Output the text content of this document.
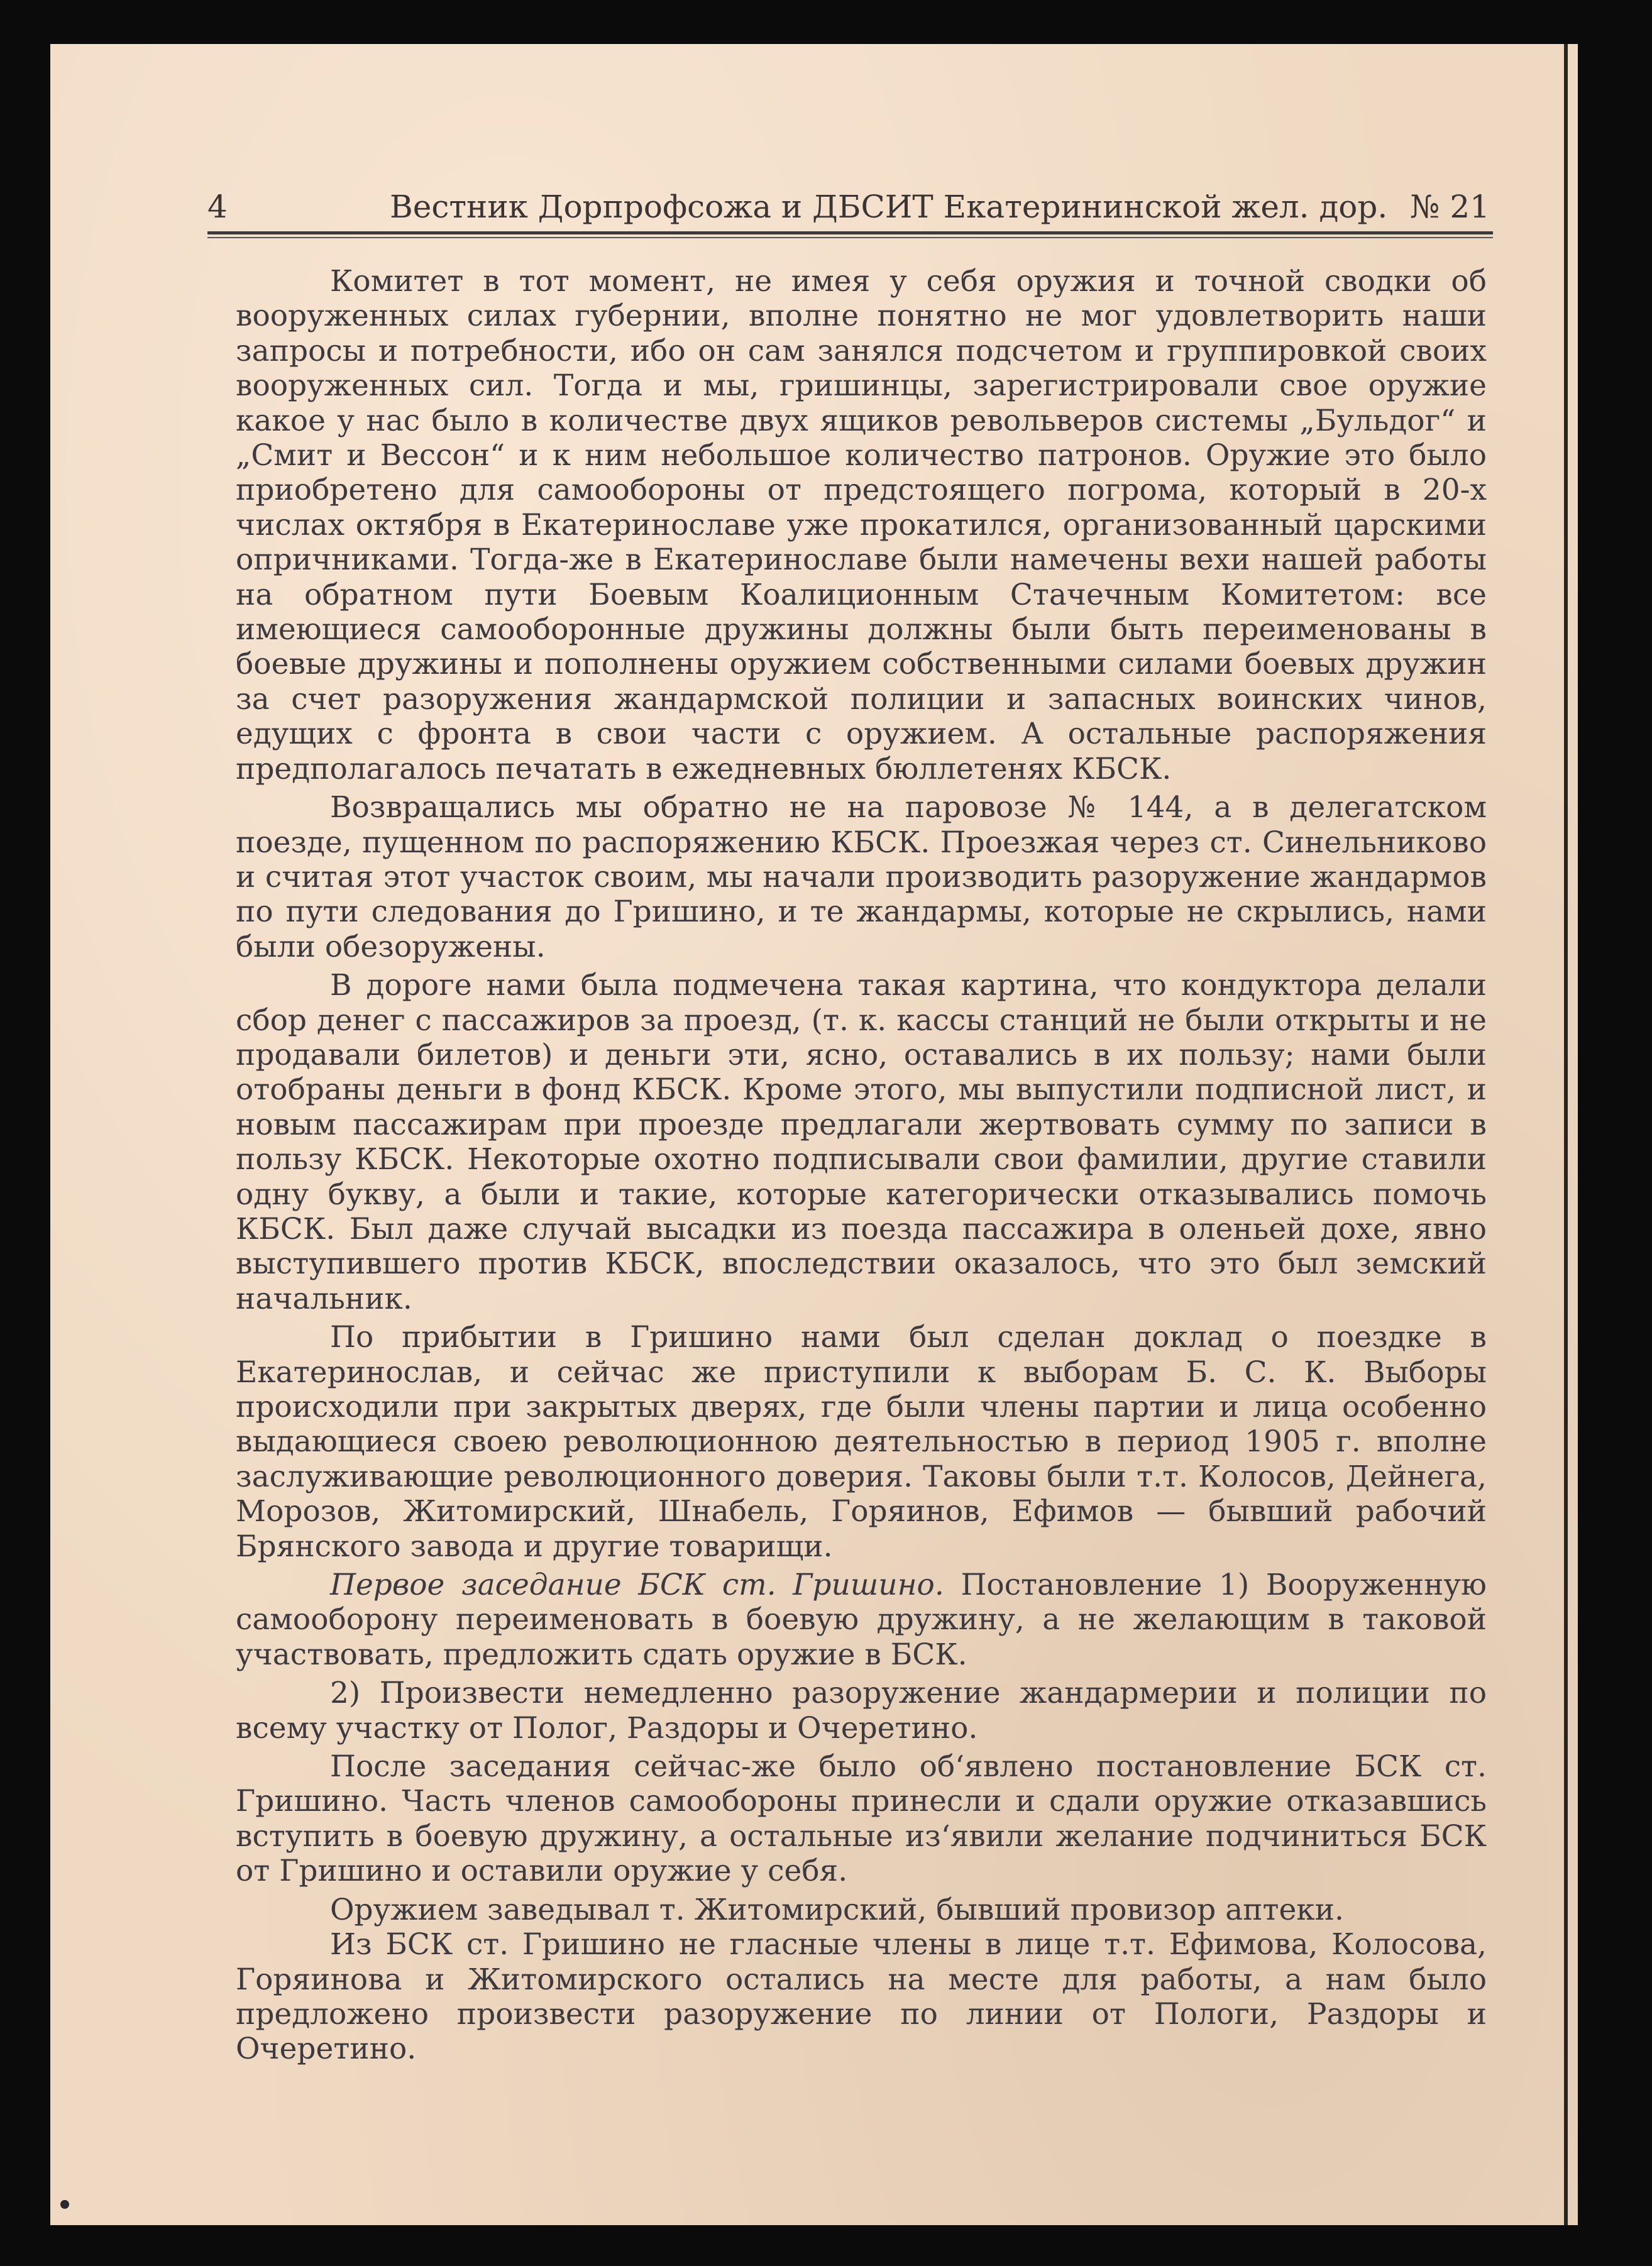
4	Вестник Дорпрофсожа и ДБСИТ Екатерининской жел. дор. № 21

Комитет в тот момент, не имея у себя оружия и точной сводки об вооруженных силах губернии, вполне понятно не мог удовлетворить наши запросы и потребности, ибо он сам занялся подсчетом и группировкой своих вооруженных сил. Тогда и мы, гришинцы, зарегистрировали свое оружие какое у нас было в количестве двух ящиков револьверов системы „Бульдог“ и „Смит и Вессон“ и к ним небольшое количество патронов. Оружие это было приобретено для самообороны от предстоящего погрома, который в 20-х числах октября в Екатеринославе уже прокатился, организованный царскими опричниками. Тогда-же в Екатеринославе были намечены вехи нашей работы на обратном пути Боевым Коалиционным Стачечным Комитетом: все имеющиеся самооборонные дружины должны были быть переименованы в боевые дружины и пополнены оружием собственными силами боевых дружин за счет разоружения жандармской полиции и запасных воинских чинов, едущих с фронта в свои части с оружием. А остальные распоряжения предполагалось печатать в ежедневных бюллетенях КБСК.

Возвращались мы обратно не на паровозе № 144, а в делегатском поезде, пущенном по распоряжению КБСК. Проезжая через ст. Синельниково и считая этот участок своим, мы начали производить разоружение жандармов по пути следования до Гришино, и те жандармы, которые не скрылись, нами были обезоружены.

В дороге нами была подмечена такая картина, что кондуктора делали сбор денег с пассажиров за проезд, (т. к. кассы станций не были открыты и не продавали билетов) и деньги эти, ясно, оставались в их пользу; нами были отобраны деньги в фонд КБСК. Кроме этого, мы выпустили подписной лист, и новым пассажирам при проезде предлагали жертвовать сумму по записи в пользу КБСК. Некоторые охотно подписывали свои фамилии, другие ставили одну букву, а были и такие, которые категорически отказывались помочь КБСК. Был даже случай высадки из поезда пассажира в оленьей дохе, явно выступившего против КБСК, впоследствии оказалось, что это был земский начальник.

По прибытии в Гришино нами был сделан доклад о поездке в Екатеринослав, и сейчас же приступили к выборам Б. С. К. Выборы происходили при закрытых дверях, где были члены партии и лица особенно выдающиеся своею революционною деятельностью в период 1905 г. вполне заслуживающие революционного доверия. Таковы были т.т. Колосов, Дейнега, Морозов, Житомирский, Шнабель, Горяинов, Ефимов — бывший рабочий Брянского завода и другие товарищи.

Первое заседание БСК ст. Гришино. Постановление 1) Вооруженную самооборону переименовать в боевую дружину, а не желающим в таковой участвовать, предложить сдать оружие в БСК.

2) Произвести немедленно разоружение жандармерии и полиции по всему участку от Полог, Раздоры и Очеретино.

После заседания сейчас-же было об‘явлено постановление БСК ст. Гришино. Часть членов самообороны принесли и сдали оружие отказавшись вступить в боевую дружину, а остальные из‘явили желание подчиниться БСК от Гришино и оставили оружие у себя.

Оружием заведывал т. Житомирский, бывший провизор аптеки.

Из БСК ст. Гришино не гласные члены в лице т.т. Ефимова, Колосова, Горяинова и Житомирского остались на месте для работы, а нам было предложено произвести разоружение по линии от Пологи, Раздоры и Очеретино.
